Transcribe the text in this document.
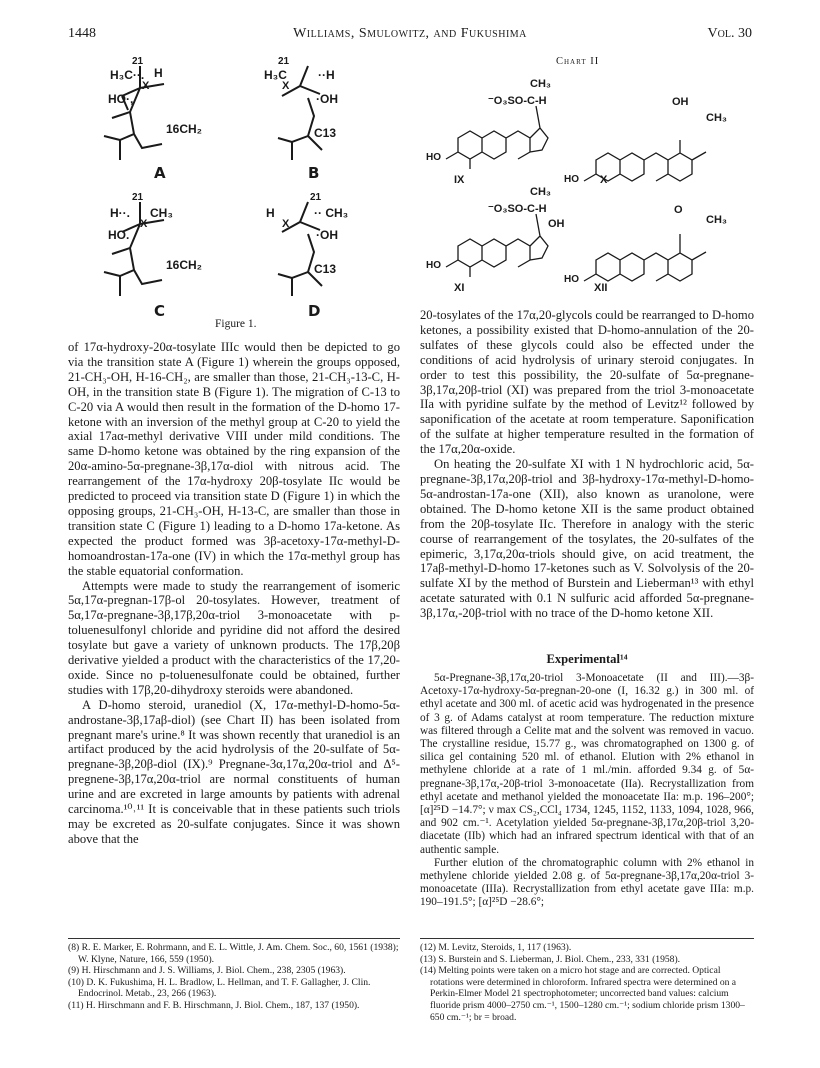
1448	Williams, Smulowitz, and Fukushima	Vol. 30
21
H₃C··. H
X
HO·,
16CH₂
A
21
H₃C	··H
X
·OH
C13
B
21
H··. CH₃
X
HO.
16CH₂
C
21
H	·· CH₃
X
·OH
C13
D
Figure 1.
Chart II
CH₃
⁻O₃SO-C-H
HO
IX
OH
CH₃
HO X
CH₃
⁻O₃SO-C-H
OH
HO
XI
O
CH₃
HO
XII

of 17α-hydroxy-20α-tosylate IIIc would then be depicted to go via the transition state A (Figure 1) wherein the groups opposed, 21-CH₃-OH, H-16-CH₂, are smaller than those, 21-CH₃-13-C, H-OH, in the transition state B (Figure 1). The migration of C-13 to C-20 via A would then result in the formation of the D-homo 17-ketone with an inversion of the methyl group at C-20 to yield the axial 17aα-methyl derivative VIII under mild conditions. The same D-homo ketone was obtained by the ring expansion of the 20α-amino-5α-pregnane-3β,17α-diol with nitrous acid. The rearrangement of the 17α-hydroxy 20β-tosylate IIc would be predicted to proceed via transition state D (Figure 1) in which the opposing groups, 21-CH₃-OH, H-13-C, are smaller than those in transition state C (Figure 1) leading to a D-homo 17a-ketone. As expected the product formed was 3β-acetoxy-17α-methyl-D-homoandrostan-17a-one (IV) in which the 17α-methyl group has the stable equatorial conformation.

Attempts were made to study the rearrangement of isomeric 5α,17α-pregnan-17β-ol 20-tosylates. However, treatment of 5α,17α-pregnane-3β,17β,20α-triol 3-monoacetate with p-toluenesulfonyl chloride and pyridine did not afford the desired tosylate but gave a variety of unknown products. The 17β,20β derivative yielded a product with the characteristics of the 17,20-oxide. Since no p-toluenesulfonate could be obtained, further studies with 17β,20-dihydroxy steroids were abandoned.

A D-homo steroid, uranediol (X, 17α-methyl-D-homo-5α-androstane-3β,17aβ-diol) (see Chart II) has been isolated from pregnant mare's urine.⁸ It was shown recently that uranediol is an artifact produced by the acid hydrolysis of the 20-sulfate of 5α-pregnane-3β,20β-diol (IX).⁹ Pregnane-3α,17α,20α-triol and Δ⁵-pregnene-3β,17α,20α-triol are normal constituents of human urine and are excreted in large amounts by patients with adrenal carcinoma.¹⁰˒¹¹ It is conceivable that in these patients such triols may be excreted as 20-sulfate conjugates. Since it was shown above that the

20-tosylates of the 17α,20-glycols could be rearranged to D-homo ketones, a possibility existed that D-homo-annulation of the 20-sulfates of these glycols could also be effected under the conditions of acid hydrolysis of urinary steroid conjugates. In order to test this possibility, the 20-sulfate of 5α-pregnane-3β,17α,20β-triol (XI) was prepared from the triol 3-monoacetate IIa with pyridine sulfate by the method of Levitz¹² followed by saponification of the acetate at room temperature. Saponification of the sulfate at higher temperature resulted in the formation of the 17α,20α-oxide.

On heating the 20-sulfate XI with 1 N hydrochloric acid, 5α-pregnane-3β,17α,20β-triol and 3β-hydroxy-17α-methyl-D-homo-5α-androstan-17a-one (XII), also known as uranolone, were obtained. The D-homo ketone XII is the same product obtained from the 20β-tosylate IIc. Therefore in analogy with the steric course of rearrangement of the tosylates, the 20-sulfates of the epimeric, 3,17α,20α-triols should give, on acid treatment, the 17aβ-methyl-D-homo 17-ketones such as V. Solvolysis of the 20-sulfate XI by the method of Burstein and Lieberman¹³ with ethyl acetate saturated with 0.1 N sulfuric acid afforded 5α-pregnane-3β,17α,-20β-triol with no trace of the D-homo ketone XII.

Experimental¹⁴

5α-Pregnane-3β,17α,20-triol 3-Monoacetate (II and III).—3β-Acetoxy-17α-hydroxy-5α-pregnan-20-one (I, 16.32 g.) in 300 ml. of ethyl acetate and 300 ml. of acetic acid was hydrogenated in the presence of 3 g. of Adams catalyst at room temperature. The reduction mixture was filtered through a Celite mat and the solvent was removed in vacuo. The crystalline residue, 15.77 g., was chromatographed on 1300 g. of silica gel containing 520 ml. of ethanol. Elution with 2% ethanol in methylene chloride at a rate of 1 ml./min. afforded 9.34 g. of 5α-pregnane-3β,17α,-20β-triol 3-monoacetate (IIa). Recrystallization from ethyl acetate and methanol yielded the monoacetate IIa: m.p. 196–200°; [α]²⁵D −14.7°; ν max CS₂,CCl₄ 1734, 1245, 1152, 1133, 1094, 1028, 966, and 902 cm.⁻¹. Acetylation yielded 5α-pregnane-3β,17α,20β-triol 3,20-diacetate (IIb) which had an infrared spectrum identical with that of an authentic sample.

Further elution of the chromatographic column with 2% ethanol in methylene chloride yielded 2.08 g. of 5α-pregnane-3β,17α,20α-triol 3-monoacetate (IIIa). Recrystallization from ethyl acetate gave IIIa: m.p. 190–191.5°; [α]²⁵D −28.6°;

(8) R. E. Marker, E. Rohrmann, and E. L. Wittle, J. Am. Chem. Soc., 60, 1561 (1938); W. Klyne, Nature, 166, 559 (1950).
(9) H. Hirschmann and J. S. Williams, J. Biol. Chem., 238, 2305 (1963).
(10) D. K. Fukushima, H. L. Bradlow, L. Hellman, and T. F. Gallagher, J. Clin. Endocrinol. Metab., 23, 266 (1963).
(11) H. Hirschmann and F. B. Hirschmann, J. Biol. Chem., 187, 137 (1950).
(12) M. Levitz, Steroids, 1, 117 (1963).
(13) S. Burstein and S. Lieberman, J. Biol. Chem., 233, 331 (1958).
(14) Melting points were taken on a micro hot stage and are corrected. Optical rotations were determined in chloroform. Infrared spectra were determined on a Perkin-Elmer Model 21 spectrophotometer; uncorrected band values: calcium fluoride prism 4000–2750 cm.⁻¹, 1500–1280 cm.⁻¹; sodium chloride prism 1300–650 cm.⁻¹; br = broad.
